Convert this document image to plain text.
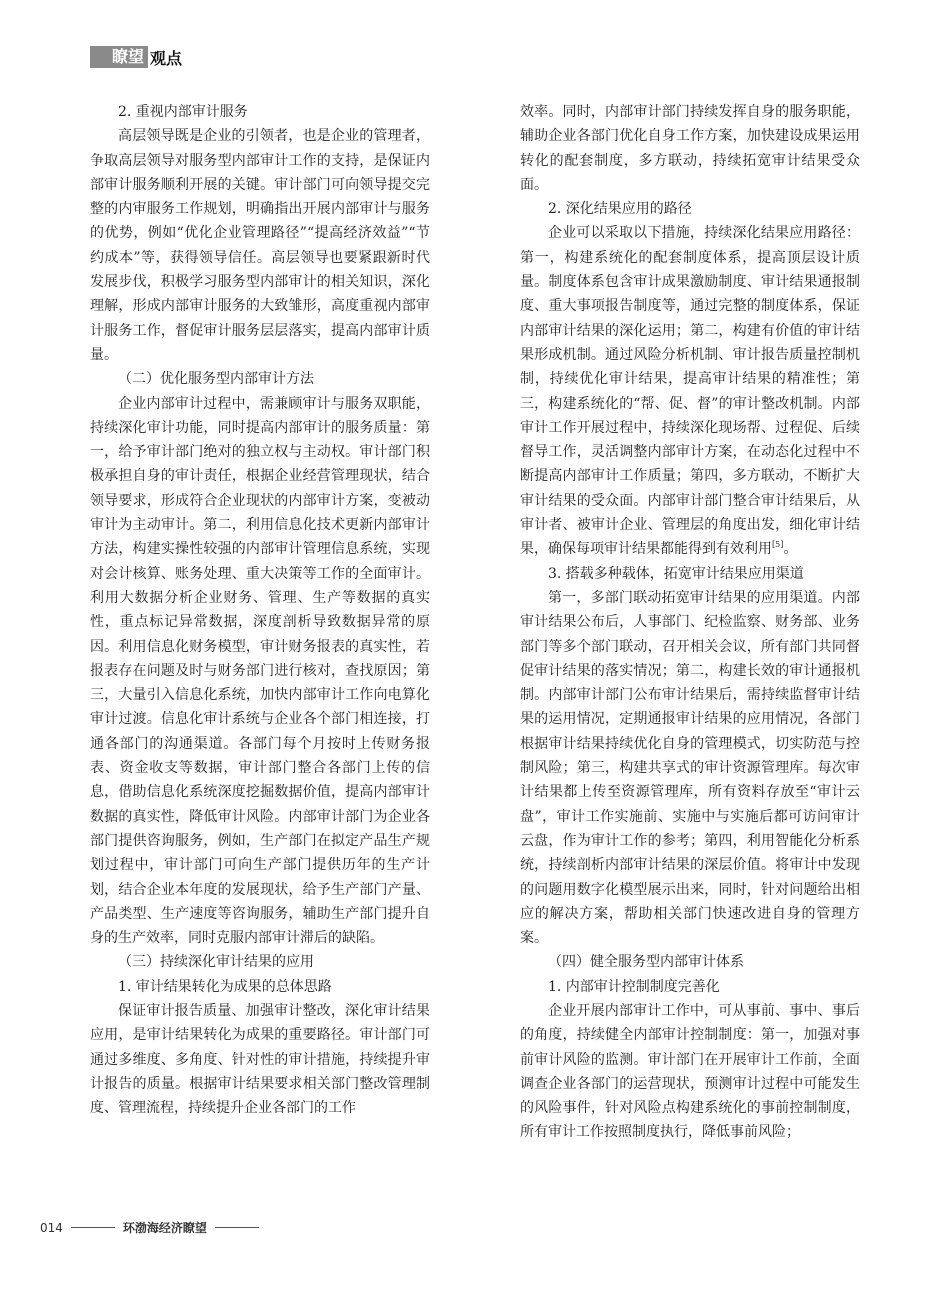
瞭望 观点

2. 重视内部审计服务

高层领导既是企业的引领者，也是企业的管理者，争取高层领导对服务型内部审计工作的支持，是保证内部审计服务顺利开展的关键。审计部门可向领导提交完整的内审服务工作规划，明确指出开展内部审计与服务的优势，例如“优化企业管理路径”“提高经济效益”“节约成本”等，获得领导信任。高层领导也要紧跟新时代发展步伐，积极学习服务型内部审计的相关知识，深化理解，形成内部审计服务的大致雏形，高度重视内部审计服务工作，督促审计服务层层落实，提高内部审计质量。

（二）优化服务型内部审计方法

企业内部审计过程中，需兼顾审计与服务双职能，持续深化审计功能，同时提高内部审计的服务质量：第一，给予审计部门绝对的独立权与主动权。审计部门积极承担自身的审计责任，根据企业经营管理现状，结合领导要求，形成符合企业现状的内部审计方案，变被动审计为主动审计。第二，利用信息化技术更新内部审计方法，构建实操性较强的内部审计管理信息系统，实现对会计核算、账务处理、重大决策等工作的全面审计。利用大数据分析企业财务、管理、生产等数据的真实性，重点标记异常数据，深度剖析导致数据异常的原因。利用信息化财务模型，审计财务报表的真实性，若报表存在问题及时与财务部门进行核对，查找原因；第三，大量引入信息化系统，加快内部审计工作向电算化审计过渡。信息化审计系统与企业各个部门相连接，打通各部门的沟通渠道。各部门每个月按时上传财务报表、资金收支等数据，审计部门整合各部门上传的信息，借助信息化系统深度挖掘数据价值，提高内部审计数据的真实性，降低审计风险。内部审计部门为企业各部门提供咨询服务，例如，生产部门在拟定产品生产规划过程中，审计部门可向生产部门提供历年的生产计划，结合企业本年度的发展现状，给予生产部门产量、产品类型、生产速度等咨询服务，辅助生产部门提升自身的生产效率，同时克服内部审计滞后的缺陷。

（三）持续深化审计结果的应用

1. 审计结果转化为成果的总体思路

保证审计报告质量、加强审计整改，深化审计结果应用，是审计结果转化为成果的重要路径。审计部门可通过多维度、多角度、针对性的审计措施，持续提升审计报告的质量。根据审计结果要求相关部门整改管理制度、管理流程，持续提升企业各部门的工作

效率。同时，内部审计部门持续发挥自身的服务职能，辅助企业各部门优化自身工作方案，加快建设成果运用转化的配套制度，多方联动，持续拓宽审计结果受众面。

2. 深化结果应用的路径

企业可以采取以下措施，持续深化结果应用路径：第一，构建系统化的配套制度体系，提高顶层设计质量。制度体系包含审计成果激励制度、审计结果通报制度、重大事项报告制度等，通过完整的制度体系，保证内部审计结果的深化运用；第二，构建有价值的审计结果形成机制。通过风险分析机制、审计报告质量控制机制，持续优化审计结果，提高审计结果的精准性；第三，构建系统化的“帮、促、督”的审计整改机制。内部审计工作开展过程中，持续深化现场帮、过程促、后续督导工作，灵活调整内部审计方案，在动态化过程中不断提高内部审计工作质量；第四，多方联动，不断扩大审计结果的受众面。内部审计部门整合审计结果后，从审计者、被审计企业、管理层的角度出发，细化审计结果，确保每项审计结果都能得到有效利用[5]。

3. 搭载多种载体，拓宽审计结果应用渠道

第一，多部门联动拓宽审计结果的应用渠道。内部审计结果公布后，人事部门、纪检监察、财务部、业务部门等多个部门联动，召开相关会议，所有部门共同督促审计结果的落实情况；第二，构建长效的审计通报机制。内部审计部门公布审计结果后，需持续监督审计结果的运用情况，定期通报审计结果的应用情况，各部门根据审计结果持续优化自身的管理模式，切实防范与控制风险；第三，构建共享式的审计资源管理库。每次审计结果都上传至资源管理库，所有资料存放至“审计云盘”，审计工作实施前、实施中与实施后都可访问审计云盘，作为审计工作的参考；第四，利用智能化分析系统，持续剖析内部审计结果的深层价值。将审计中发现的问题用数字化模型展示出来，同时，针对问题给出相应的解决方案，帮助相关部门快速改进自身的管理方案。

（四）健全服务型内部审计体系

1. 内部审计控制制度完善化

企业开展内部审计工作中，可从事前、事中、事后的角度，持续健全内部审计控制制度：第一，加强对事前审计风险的监测。审计部门在开展审计工作前，全面调查企业各部门的运营现状，预测审计过程中可能发生的风险事件，针对风险点构建系统化的事前控制制度，所有审计工作按照制度执行，降低事前风险；

014	环渤海经济瞭望
